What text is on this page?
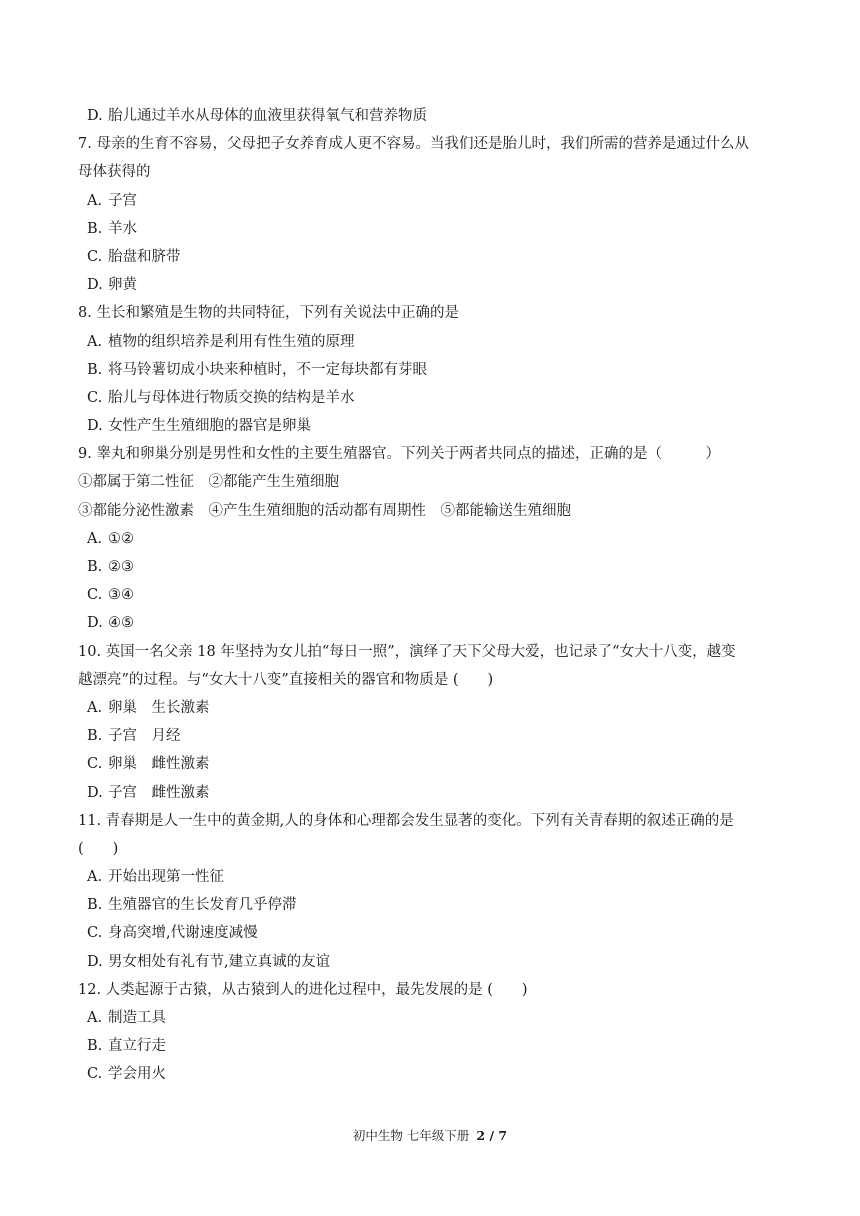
D. 胎儿通过羊水从母体的血液里获得氧气和营养物质
7. 母亲的生育不容易，父母把子女养育成人更不容易。当我们还是胎儿时，我们所需的营养是通过什么从
母体获得的
A. 子宫
B. 羊水
C. 胎盘和脐带
D. 卵黄
8. 生长和繁殖是生物的共同特征，下列有关说法中正确的是
A. 植物的组织培养是利用有性生殖的原理
B. 将马铃薯切成小块来种植时，不一定每块都有芽眼
C. 胎儿与母体进行物质交换的结构是羊水
D. 女性产生生殖细胞的器官是卵巢
9. 睾丸和卵巢分别是男性和女性的主要生殖器官。下列关于两者共同点的描述，正确的是（　　　）
①都属于第二性征　②都能产生生殖细胞
③都能分泌性激素　④产生生殖细胞的活动都有周期性　⑤都能输送生殖细胞
A. ①②
B. ②③
C. ③④
D. ④⑤
10. 英国一名父亲 18 年坚持为女儿拍“每日一照”，演绎了天下父母大爱，也记录了“女大十八变，越变
越漂亮”的过程。与“女大十八变”直接相关的器官和物质是 (　　)
A. 卵巢　生长激素
B. 子宫　月经
C. 卵巢　雌性激素
D. 子宫　雌性激素
11. 青春期是人一生中的黄金期,人的身体和心理都会发生显著的变化。下列有关青春期的叙述正确的是
(　　)
A. 开始出现第一性征
B. 生殖器官的生长发育几乎停滞
C. 身高突增,代谢速度减慢
D. 男女相处有礼有节,建立真诚的友谊
12. 人类起源于古猿，从古猿到人的进化过程中，最先发展的是 (　　)
A. 制造工具
B. 直立行走
C. 学会用火
初中生物 七年级下册 2 / 7
